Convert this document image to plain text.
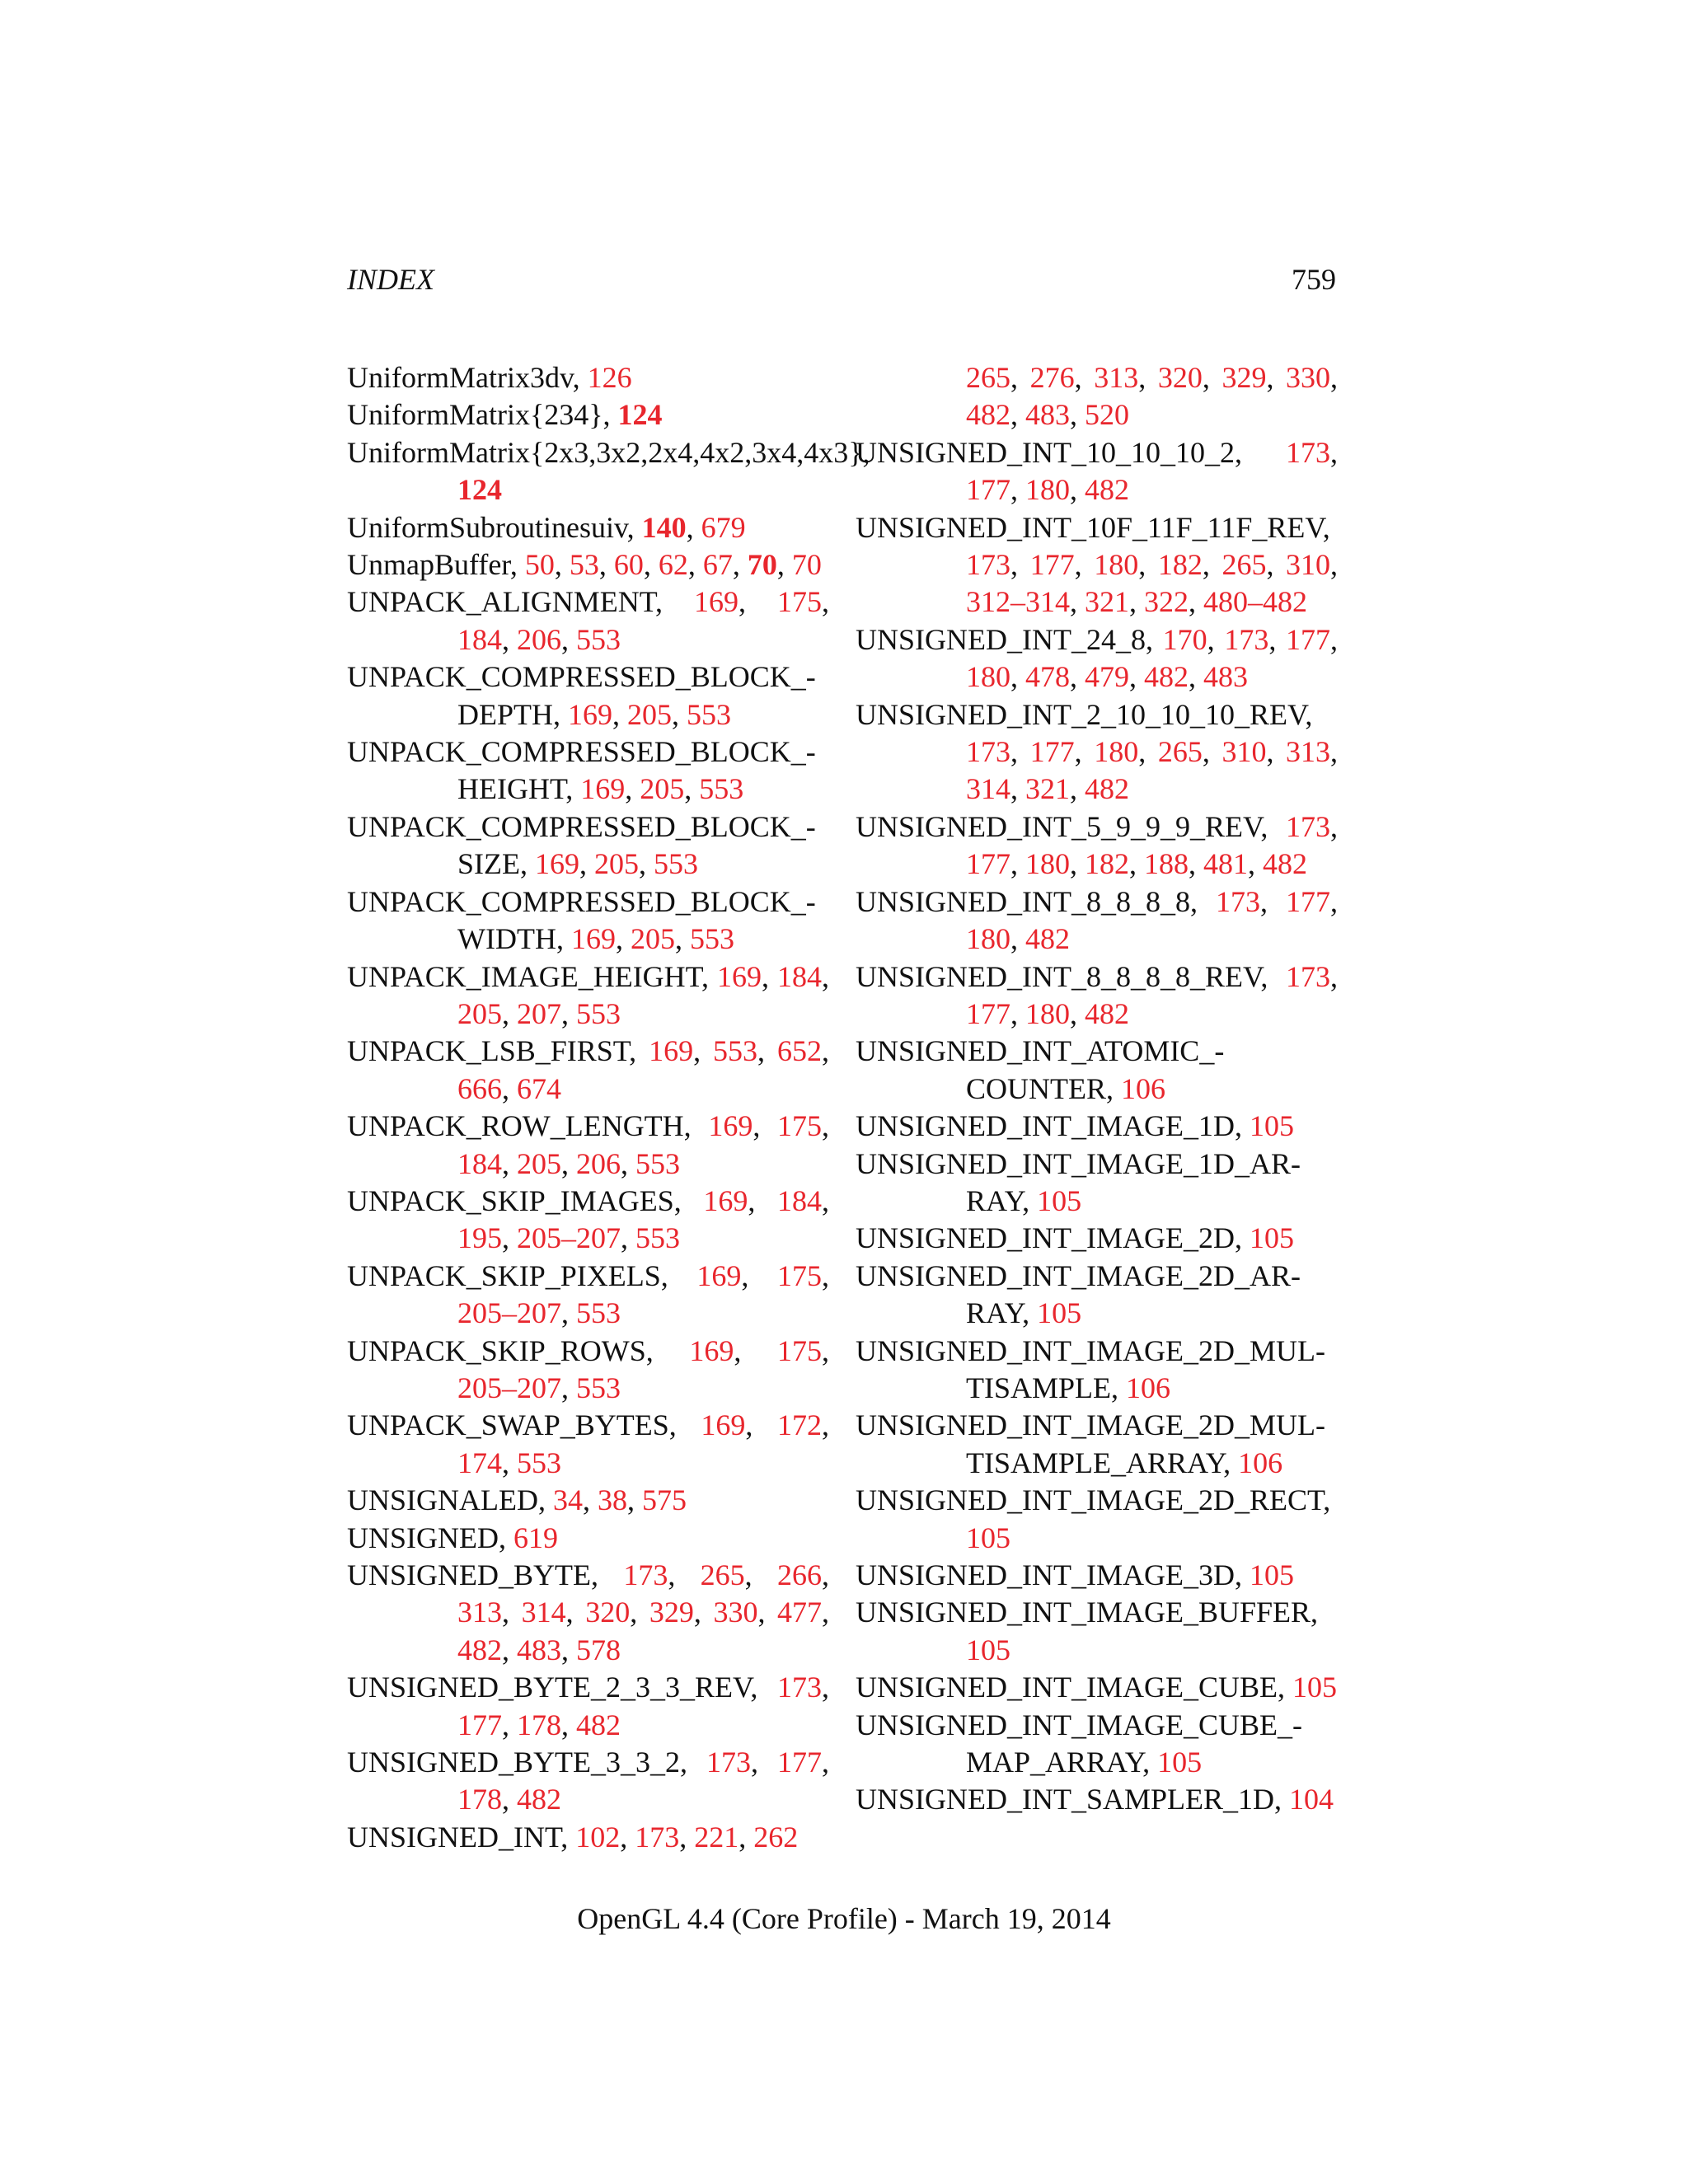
INDEX	759
UniformMatrix3dv, 126
UniformMatrix{234}, 124
UniformMatrix{2x3,3x2,2x4,4x2,3x4,4x3}, 124
UniformSubroutinesuiv, 140, 679
UnmapBuffer, 50, 53, 60, 62, 67, 70, 70
UNPACK_ALIGNMENT, 169, 175, 184, 206, 553
UNPACK_COMPRESSED_BLOCK_-​DEPTH, 169, 205, 553
UNPACK_COMPRESSED_BLOCK_-​HEIGHT, 169, 205, 553
UNPACK_COMPRESSED_BLOCK_-​SIZE, 169, 205, 553
UNPACK_COMPRESSED_BLOCK_-​WIDTH, 169, 205, 553
UNPACK_IMAGE_HEIGHT, 169, 184, 205, 207, 553
UNPACK_LSB_FIRST, 169, 553, 652, 666, 674
UNPACK_ROW_LENGTH, 169, 175, 184, 205, 206, 553
UNPACK_SKIP_IMAGES, 169, 184, 195, 205–207, 553
UNPACK_SKIP_PIXELS, 169, 175, 205–207, 553
UNPACK_SKIP_ROWS, 169, 175, 205–207, 553
UNPACK_SWAP_BYTES, 169, 172, 174, 553
UNSIGNALED, 34, 38, 575
UNSIGNED, 619
UNSIGNED_BYTE, 173, 265, 266, 313, 314, 320, 329, 330, 477, 482, 483, 578
UNSIGNED_BYTE_2_3_3_REV, 173, 177, 178, 482
UNSIGNED_BYTE_3_3_2, 173, 177, 178, 482
UNSIGNED_INT, 102, 173, 221, 262
265, 276, 313, 320, 329, 330, 482, 483, 520
UNSIGNED_INT_10_10_10_2, 173, 177, 180, 482
UNSIGNED_INT_10F_11F_11F_REV, 173, 177, 180, 182, 265, 310, 312–314, 321, 322, 480–482
UNSIGNED_INT_24_8, 170, 173, 177, 180, 478, 479, 482, 483
UNSIGNED_INT_2_10_10_10_REV, 173, 177, 180, 265, 310, 313, 314, 321, 482
UNSIGNED_INT_5_9_9_9_REV, 173, 177, 180, 182, 188, 481, 482
UNSIGNED_INT_8_8_8_8, 173, 177, 180, 482
UNSIGNED_INT_8_8_8_8_REV, 173, 177, 180, 482
UNSIGNED_INT_ATOMIC_-​COUNTER, 106
UNSIGNED_INT_IMAGE_1D, 105
UNSIGNED_INT_IMAGE_1D_AR-​RAY, 105
UNSIGNED_INT_IMAGE_2D, 105
UNSIGNED_INT_IMAGE_2D_AR-​RAY, 105
UNSIGNED_INT_IMAGE_2D_MUL-​TISAMPLE, 106
UNSIGNED_INT_IMAGE_2D_MUL-​TISAMPLE_ARRAY, 106
UNSIGNED_INT_IMAGE_2D_RECT, 105
UNSIGNED_INT_IMAGE_3D, 105
UNSIGNED_INT_IMAGE_BUFFER, 105
UNSIGNED_INT_IMAGE_CUBE, 105
UNSIGNED_INT_IMAGE_CUBE_-​MAP_ARRAY, 105
UNSIGNED_INT_SAMPLER_1D, 104
OpenGL 4.4 (Core Profile) - March 19, 2014
